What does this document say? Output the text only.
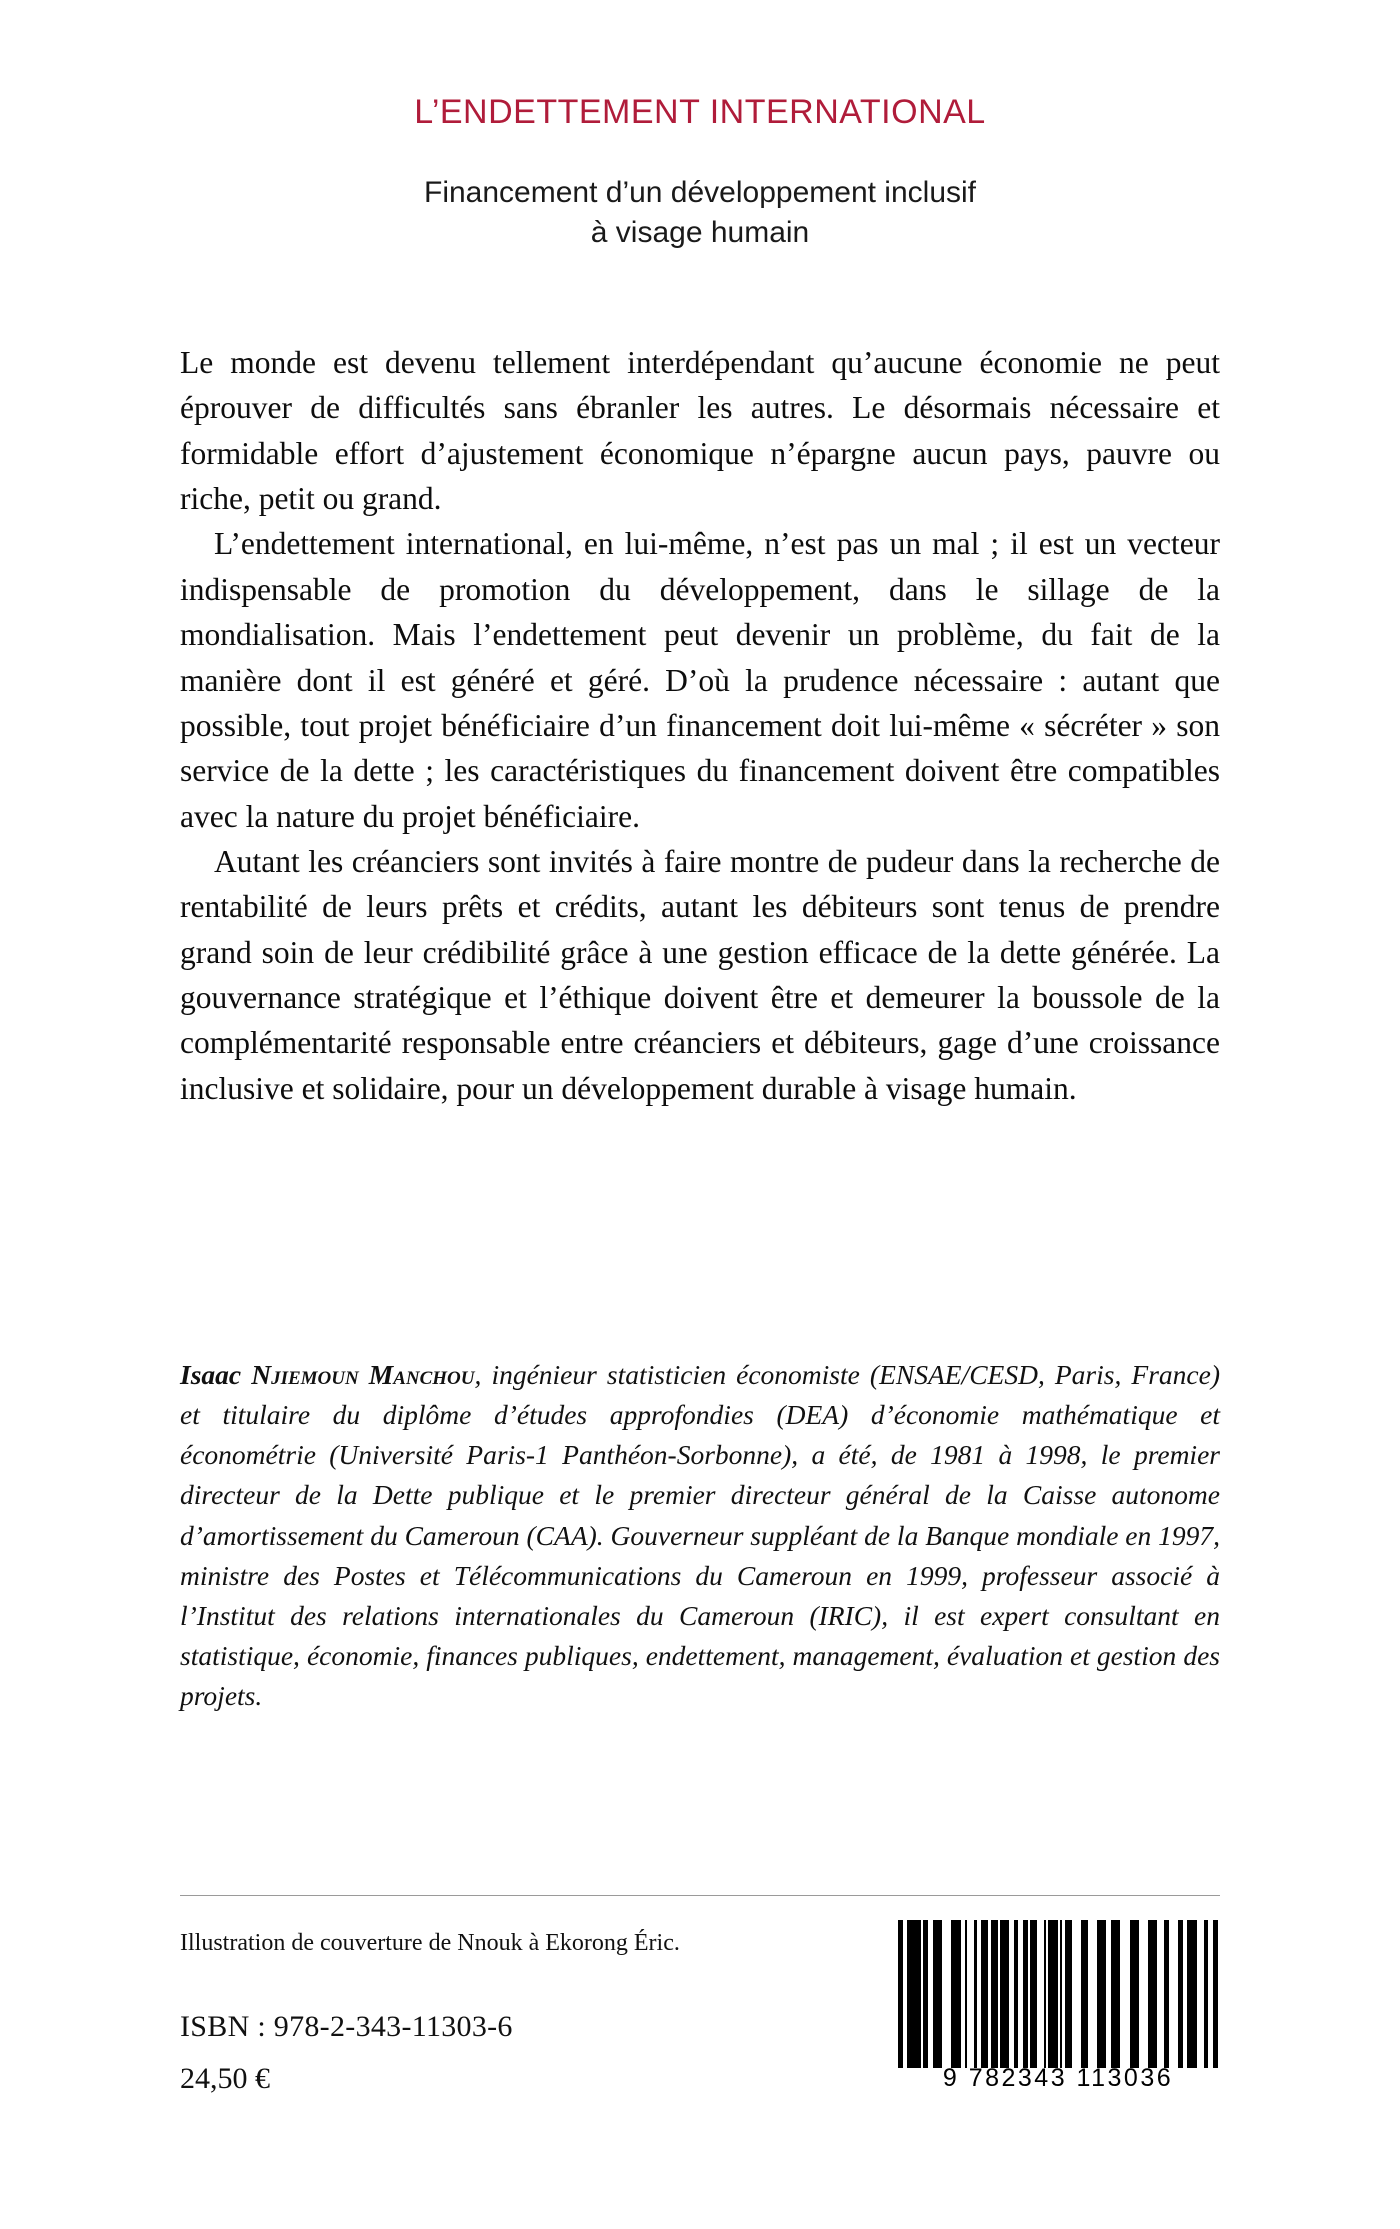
L’ENDETTEMENT INTERNATIONAL
Financement d’un développement inclusif
à visage humain

Le monde est devenu tellement interdépendant qu’aucune économie ne peut éprouver de difficultés sans ébranler les autres. Le désormais nécessaire et formidable effort d’ajustement économique n’épargne aucun pays, pauvre ou riche, petit ou grand.

L’endettement international, en lui-même, n’est pas un mal ; il est un vecteur indispensable de promotion du développement, dans le sillage de la mondialisation. Mais l’endettement peut devenir un problème, du fait de la manière dont il est généré et géré. D’où la prudence nécessaire : autant que possible, tout projet bénéficiaire d’un financement doit lui-même « sécréter » son service de la dette ; les caractéristiques du financement doivent être compatibles avec la nature du projet bénéficiaire.

Autant les créanciers sont invités à faire montre de pudeur dans la recherche de rentabilité de leurs prêts et crédits, autant les débiteurs sont tenus de prendre grand soin de leur crédibilité grâce à une gestion efficace de la dette générée. La gouvernance stratégique et l’éthique doivent être et demeurer la boussole de la complémentarité responsable entre créanciers et débiteurs, gage d’une croissance inclusive et solidaire, pour un développement durable à visage humain.

Isaac Njiemoun Manchou, ingénieur statisticien économiste (ENSAE/CESD, Paris, France) et titulaire du diplôme d’études approfondies (DEA) d’économie mathématique et économétrie (Université Paris-1 Panthéon-Sorbonne), a été, de 1981 à 1998, le premier directeur de la Dette publique et le premier directeur général de la Caisse autonome d’amortissement du Cameroun (CAA). Gouverneur suppléant de la Banque mondiale en 1997, ministre des Postes et Télécommunications du Cameroun en 1999, professeur associé à l’Institut des relations internationales du Cameroun (IRIC), il est expert consultant en statistique, économie, finances publiques, endettement, management, évaluation et gestion des projets.
Illustration de couverture de Nnouk à Ekorong Éric.
ISBN : 978-2-343-11303-6
24,50 €	9 782343 113036
